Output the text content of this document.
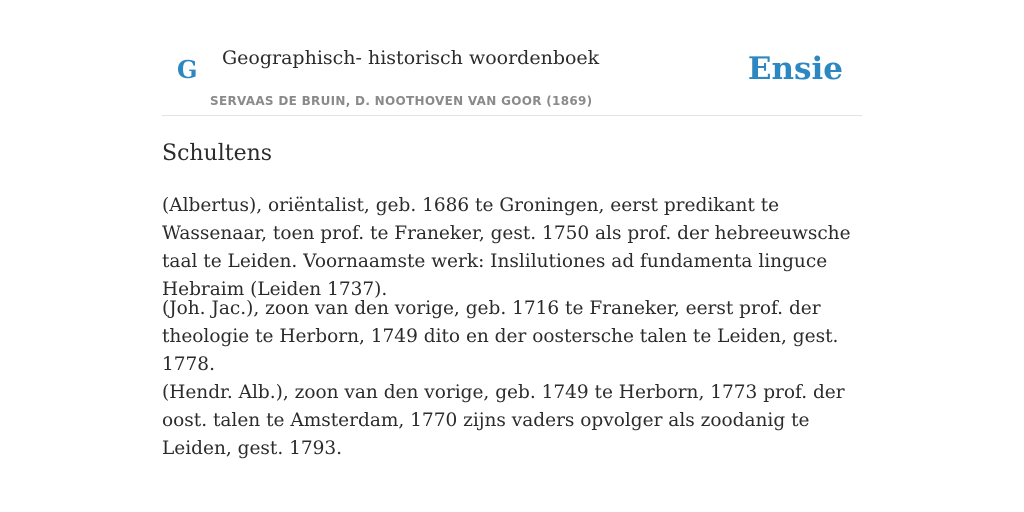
G Geographisch- historisch woordenboek
SERVAAS DE BRUIN, D. NOOTHOVEN VAN GOOR (1869)
Ensie
Schultens

(Albertus), oriëntalist, geb. 1686 te Groningen, eerst predikant te Wassenaar, toen prof. te Franeker, gest. 1750 als prof. der hebreeuwsche taal te Leiden. Voornaamste werk: Inslilutiones ad fundamenta linguce Hebraim (Leiden 1737).

(Joh. Jac.), zoon van den vorige, geb. 1716 te Franeker, eerst prof. der theologie te Herborn, 1749 dito en der oostersche talen te Leiden, gest. 1778.

(Hendr. Alb.), zoon van den vorige, geb. 1749 te Herborn, 1773 prof. der oost. talen te Amsterdam, 1770 zijns vaders opvolger als zoodanig te Leiden, gest. 1793.
